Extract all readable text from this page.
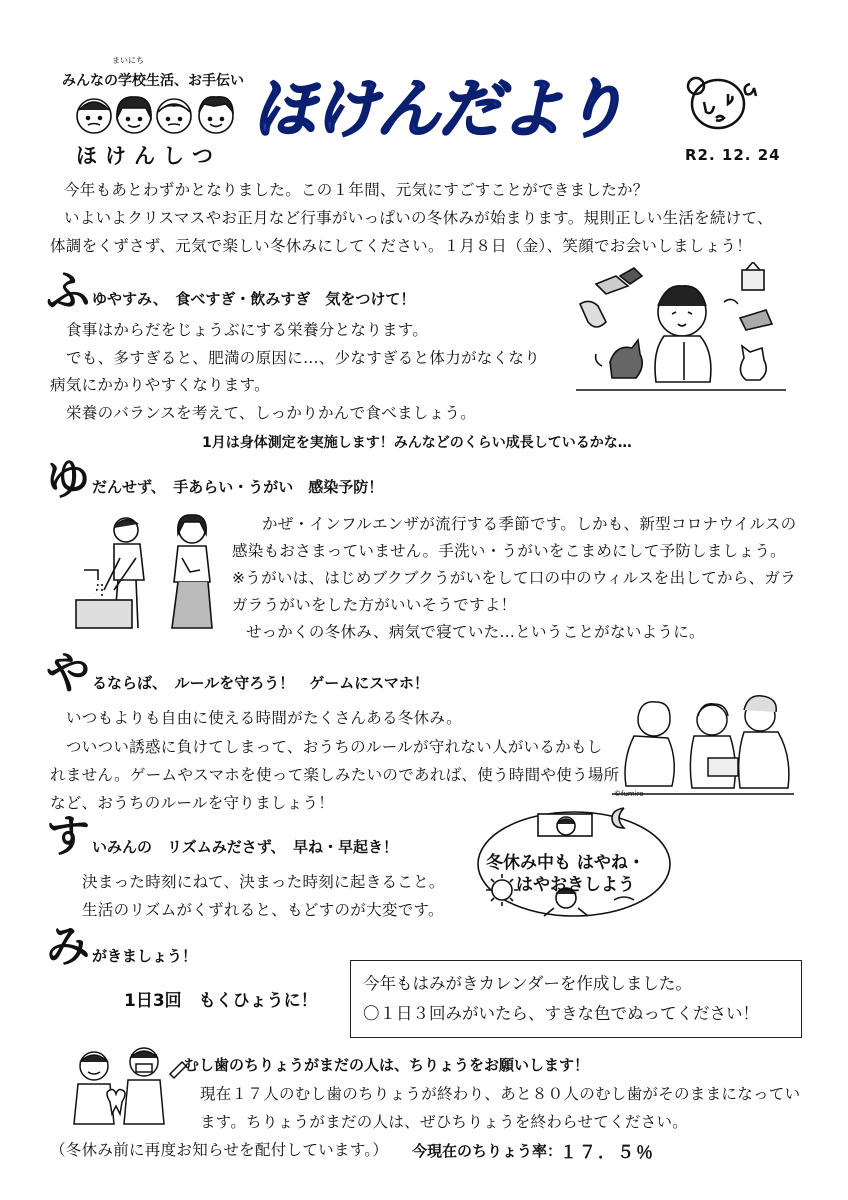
まいにち
みんなの学校生活、お手伝い
ほけんしつ
ほけんだより
R2. 12. 24
今年もあとわずかとなりました。この１年間、元気にすごすことができましたか？
いよいよクリスマスやお正月など行事がいっぱいの冬休みが始まります。規則正しい生活を続けて、
体調をくずさず、元気で楽しい冬休みにしてください。１月８日（金）、笑顔でお会いしましょう！
ふ ゆやすみ、　食べすぎ・飲みすぎ　気をつけて！
食事はからだをじょうぶにする栄養分となります。
でも、多すぎると、肥満の原因に…、少なすぎると体力がなくなり
病気にかかりやすくなります。
栄養のバランスを考えて、しっかりかんで食べましょう。
1月は身体測定を実施します！みんなどのくらい成長しているかな…
ゆ だんせず、　手あらい・うがい　感染予防！
かぜ・インフルエンザが流行する季節です。しかも、新型コロナウイルスの
感染もおさまっていません。手洗い・うがいをこまめにして予防しましょう。
※うがいは、はじめブクブクうがいをして口の中のウィルスを出してから、ガラ
ガラうがいをした方がいいそうですよ！
せっかくの冬休み、病気で寝ていた…ということがないように。
や るならば、　ルールを守ろう！　ゲームにスマホ！
いつもよりも自由に使える時間がたくさんある冬休み。
ついつい誘惑に負けてしまって、おうちのルールが守れない人がいるかもし
れません。ゲームやスマホを使って楽しみたいのであれば、使う時間や使う場所
など、おうちのルールを守りましょう！	©fumiro
す いみんの　リズムみださず、　早ね・早起き！
決まった時刻にねて、決まった時刻に起きること。
生活のリズムがくずれると、もどすのが大変です。
冬休み中も はやね・
はやおきしよう
み がきましょう！
1日3回　もくひょうに！
今年もはみがきカレンダーを作成しました。
〇１日３回みがいたら、すきな色でぬってください！
むし歯のちりょうがまだの人は、ちりょうをお願いします！
現在１７人のむし歯のちりょうが終わり、あと８０人のむし歯がそのままになってい
ます。ちりょうがまだの人は、ぜひちりょうを終わらせてください。
（冬休み前に再度お知らせを配付しています。） 今現在のちりょう率：
１７．５％
